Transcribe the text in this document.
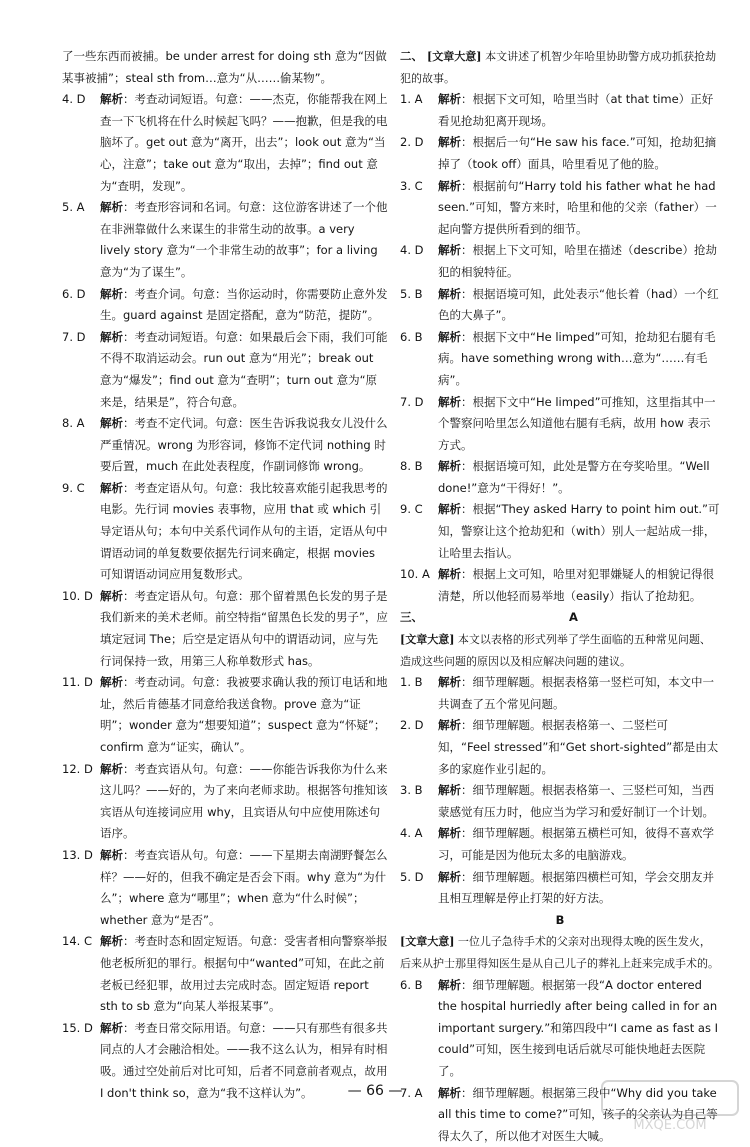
了一些东西而被捕。be under arrest for doing sth 意为“因做某事被捕”；steal sth from…意为“从……偷某物”。
4. D 解析：考查动词短语。句意：——杰克，你能帮我在网上查一下飞机将在什么时候起飞吗？——抱歉，但是我的电脑坏了。get out 意为“离开，出去”；look out 意为“当心，注意”；take out 意为“取出，去掉”；find out 意为“查明，发现”。
5. A 解析：考查形容词和名词。句意：这位游客讲述了一个他在非洲靠做什么来谋生的非常生动的故事。a very lively story 意为“一个非常生动的故事”；for a living 意为“为了谋生”。
6. D 解析：考查介词。句意：当你运动时，你需要防止意外发生。guard against 是固定搭配，意为“防范，提防”。
7. D 解析：考查动词短语。句意：如果最后会下雨，我们可能不得不取消运动会。run out 意为“用光”；break out 意为“爆发”；find out 意为“查明”；turn out 意为“原来是，结果是”，符合句意。
8. A 解析：考查不定代词。句意：医生告诉我说我女儿没什么严重情况。wrong 为形容词，修饰不定代词 nothing 时要后置，much 在此处表程度，作副词修饰 wrong。
9. C 解析：考查定语从句。句意：我比较喜欢能引起我思考的电影。先行词 movies 表事物，应用 that 或 which 引导定语从句；本句中关系代词作从句的主语，定语从句中谓语动词的单复数要依据先行词来确定，根据 movies 可知谓语动词应用复数形式。
10. D 解析：考查定语从句。句意：那个留着黑色长发的男子是我们新来的美术老师。前空特指“留黑色长发的男子”，应填定冠词 The；后空是定语从句中的谓语动词，应与先行词保持一致，用第三人称单数形式 has。
11. D 解析：考查动词。句意：我被要求确认我的预订电话和地址，然后肯德基才同意给我送食物。prove 意为“证明”；wonder 意为“想要知道”；suspect 意为“怀疑”；confirm 意为“证实，确认”。
12. D 解析：考查宾语从句。句意：——你能告诉我你为什么来这儿吗？——好的，为了来向老师求助。根据答句推知该宾语从句连接词应用 why，且宾语从句中应使用陈述句语序。
13. D 解析：考查宾语从句。句意：——下星期去南湖野餐怎么样？——好的，但我不确定是否会下雨。why 意为“为什么”；where 意为“哪里”；when 意为“什么时候”；whether 意为“是否”。
14. C 解析：考查时态和固定短语。句意：受害者相向警察举报他老板所犯的罪行。根据句中“wanted”可知，在此之前老板已经犯罪，故用过去完成时态。固定短语 report sth to sb 意为“向某人举报某事”。
15. D 解析：考查日常交际用语。句意：——只有那些有很多共同点的人才会融洽相处。——我不这么认为，相异有时相吸。通过空处前后对比可知，后者不同意前者观点，故用 I don't think so，意为“我不这样认为”。
二、 [文章大意] 本文讲述了机智少年哈里协助警方成功抓获抢劫犯的故事。
1. A 解析：根据下文可知，哈里当时（at that time）正好看见抢劫犯离开现场。
2. D 解析：根据后一句“He saw his face.”可知，抢劫犯摘掉了（took off）面具，哈里看见了他的脸。
3. C 解析：根据前句“Harry told his father what he had seen.”可知，警方来时，哈里和他的父亲（father）一起向警方提供所看到的细节。
4. D 解析：根据上下文可知，哈里在描述（describe）抢劫犯的相貌特征。
5. B 解析：根据语境可知，此处表示“他长着（had）一个红色的大鼻子”。
6. B 解析：根据下文中“He limped”可知，抢劫犯右腿有毛病。have something wrong with…意为“……有毛病”。
7. D 解析：根据下文中“He limped”可推知，这里指其中一个警察问哈里怎么知道他右腿有毛病，故用 how 表示方式。
8. B 解析：根据语境可知，此处是警方在夸奖哈里。“Well done!”意为“干得好！”。
9. C 解析：根据“They asked Harry to point him out.”可知，警察让这个抢劫犯和（with）别人一起站成一排，让哈里去指认。
10. A 解析：根据上文可知，哈里对犯罪嫌疑人的相貌记得很清楚，所以他轻而易举地（easily）指认了抢劫犯。
三、	A
[文章大意] 本文以表格的形式列举了学生面临的五种常见问题、造成这些问题的原因以及相应解决问题的建议。
1. B 解析：细节理解题。根据表格第一竖栏可知，本文中一共调查了五个常见问题。
2. D 解析：细节理解题。根据表格第一、二竖栏可知，“Feel stressed”和“Get short-sighted”都是由太多的家庭作业引起的。
3. B 解析：细节理解题。根据表格第一、三竖栏可知，当西蒙感觉有压力时，他应当为学习和爱好制订一个计划。
4. A 解析：细节理解题。根据第五横栏可知，彼得不喜欢学习，可能是因为他玩太多的电脑游戏。
5. D 解析：细节理解题。根据第四横栏可知，学会交朋友并且相互理解是停止打架的好方法。
B
[文章大意] 一位儿子急待手术的父亲对出现得太晚的医生发火，后来从护士那里得知医生是从自己儿子的葬礼上赶来完成手术的。
6. B 解析：细节理解题。根据第一段“A doctor entered the hospital hurriedly after being called in for an important surgery.”和第四段中“I came as fast as I could”可知，医生接到电话后就尽可能快地赶去医院了。
7. A 解析：细节理解题。根据第三段中“Why did you take all this time to come?”可知，孩子的父亲认为自己等得太久了，所以他才对医生大喊。
— 66 —
MXQE.COM
